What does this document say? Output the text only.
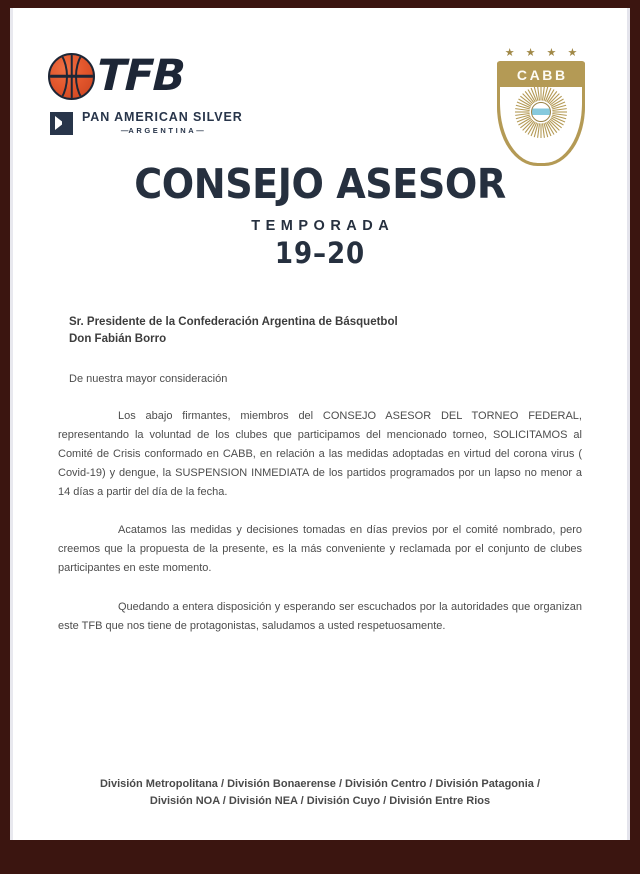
TFB
PAN AMERICAN SILVER
—ARGENTINA—
★ ★ ★ ★
CABB
CONSEJO ASESOR
TEMPORADA
19–20
Sr. Presidente de la Confederación Argentina de Básquetbol
Don Fabián Borro
De nuestra mayor consideración

Los abajo firmantes, miembros del CONSEJO ASESOR DEL TORNEO FEDERAL, representando la voluntad de los clubes que participamos del mencionado torneo, SOLICITAMOS al Comité de Crisis conformado en CABB, en relación a las medidas adoptadas en virtud del corona virus ( Covid-19) y dengue, la SUSPENSION INMEDIATA de los partidos programados por un lapso no menor a 14 días a partir del día de la fecha.

Acatamos las medidas y decisiones tomadas en días previos por el comité nombrado, pero creemos que la propuesta de la presente, es la más conveniente y reclamada por el conjunto de clubes participantes en este momento.

Quedando a entera disposición y esperando ser escuchados por la autoridades que organizan este TFB que nos tiene de protagonistas, saludamos a usted respetuosamente.

División Metropolitana / División Bonaerense / División Centro / División Patagonia /
División NOA / División NEA / División Cuyo / División Entre Rios
